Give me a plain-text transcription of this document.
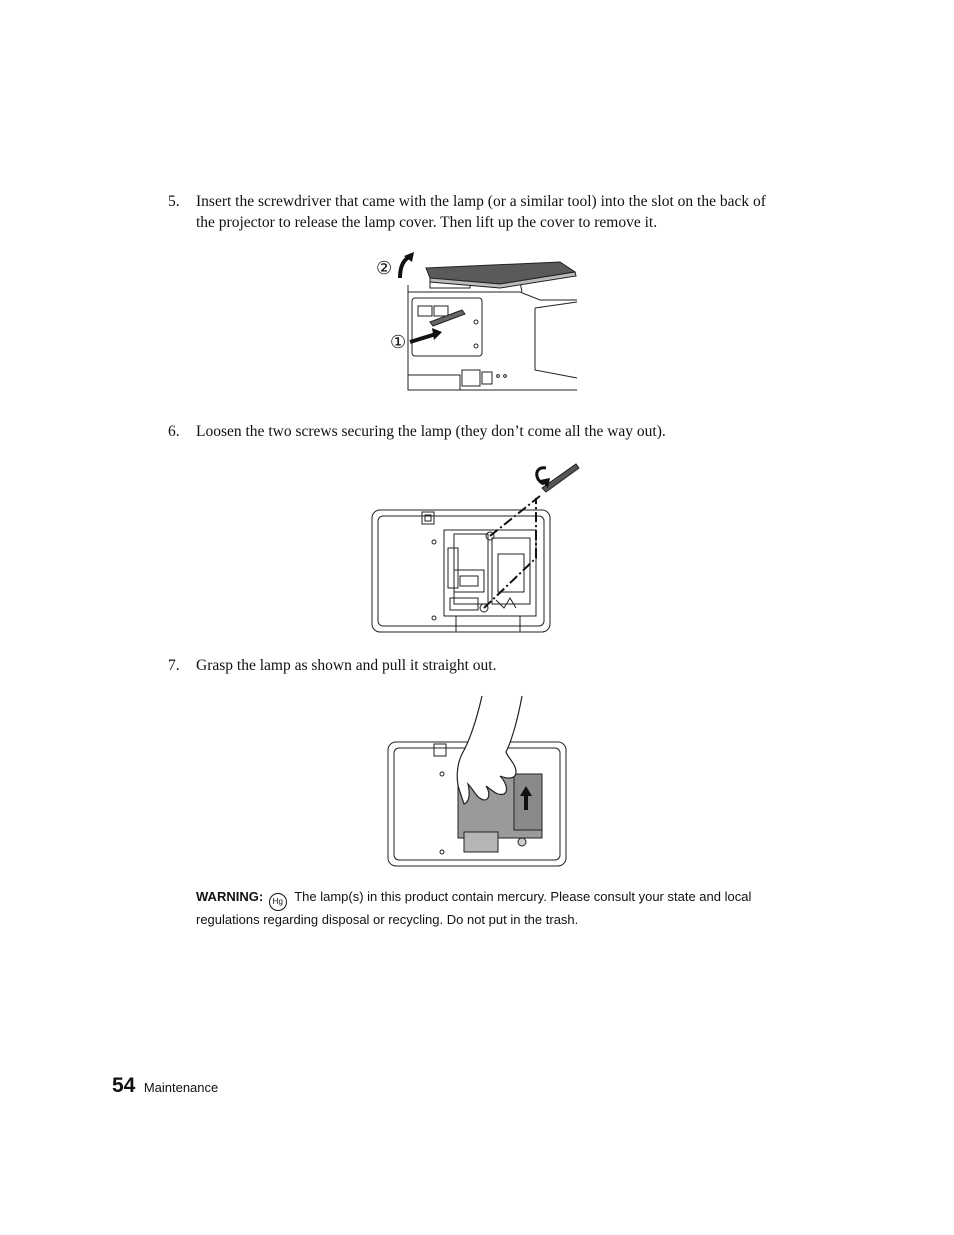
5. Insert the screwdriver that came with the lamp (or a similar tool) into the slot on the back of the projector to release the lamp cover. Then lift up the cover to remove it.
②
①
6. Loosen the two screws securing the lamp (they don’t come all the way out).
7. Grasp the lamp as shown and pull it straight out.
WARNING: Hg The lamp(s) in this product contain mercury. Please consult your state and local regulations regarding disposal or recycling. Do not put in the trash.
54 Maintenance
